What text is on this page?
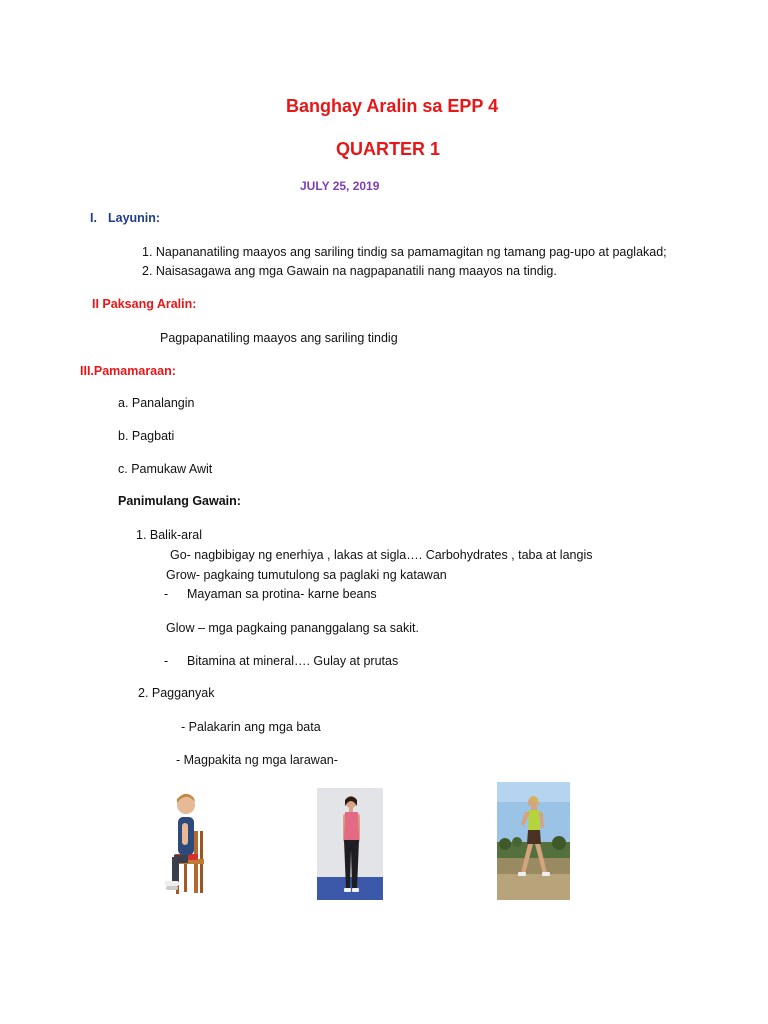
Banghay Aralin sa EPP 4
QUARTER 1
JULY 25, 2019
I. Layunin:
1. Napananatiling maayos ang sariling tindig sa pamamagitan ng tamang pag-upo at paglakad;
2. Naisasagawa ang mga Gawain na nagpapanatili nang maayos na tindig.
II Paksang Aralin:
Pagpapanatiling maayos ang sariling tindig
III.Pamamaraan:
a. Panalangin
b. Pagbati
c. Pamukaw Awit
Panimulang Gawain:
1. Balik-aral
Go- nagbibigay ng enerhiya , lakas at sigla…. Carbohydrates , taba at langis
Grow- pagkaing tumutulong sa paglaki ng katawan
- Mayaman sa protina- karne beans
Glow – mga pagkaing pananggalang sa sakit.
- Bitamina at mineral…. Gulay at prutas
2. Pagganyak
- Palakarin ang mga bata
- Magpakita ng mga larawan-
